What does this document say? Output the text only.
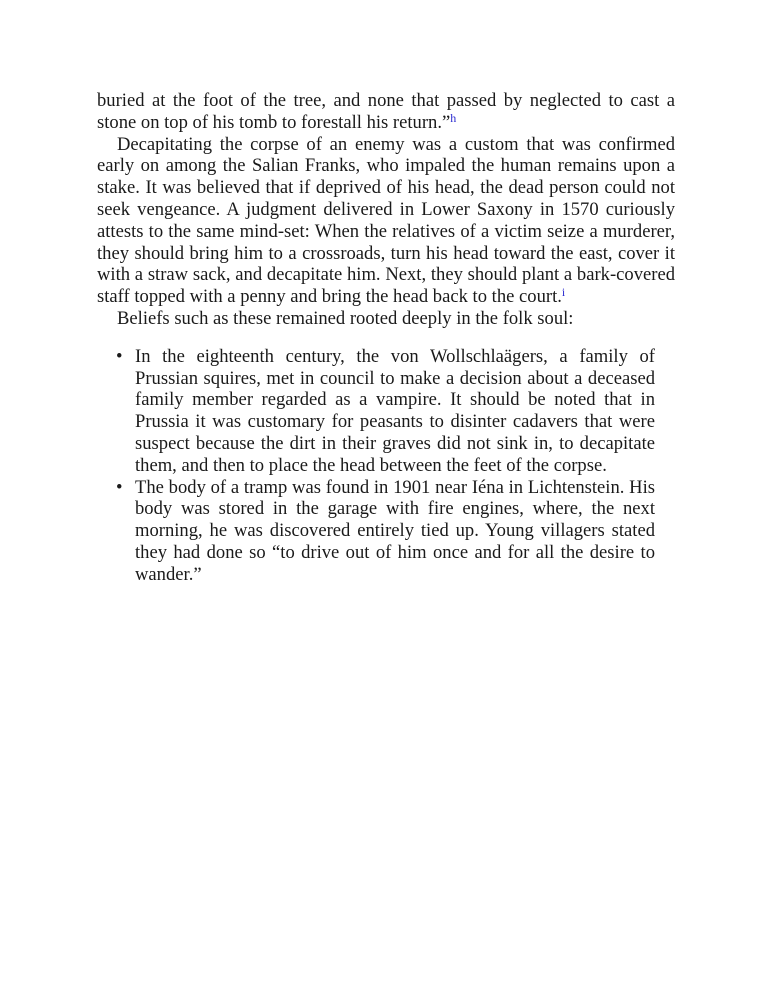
buried at the foot of the tree, and none that passed by neglected to cast a stone on top of his tomb to forestall his return.”$^h$

Decapitating the corpse of an enemy was a custom that was confirmed early on among the Salian Franks, who impaled the human remains upon a stake. It was believed that if deprived of his head, the dead person could not seek vengeance. A judgment delivered in Lower Saxony in 1570 curiously attests to the same mind-set: When the relatives of a victim seize a murderer, they should bring him to a crossroads, turn his head toward the east, cover it with a straw sack, and decapitate him. Next, they should plant a bark-covered staff topped with a penny and bring the head back to the court.$^i$

Beliefs such as these remained rooted deeply in the folk soul:

• In the eighteenth century, the von Wollschlaägers, a family of Prussian squires, met in council to make a decision about a deceased family member regarded as a vampire. It should be noted that in Prussia it was customary for peasants to disinter cadavers that were suspect because the dirt in their graves did not sink in, to decapitate them, and then to place the head between the feet of the corpse.
• The body of a tramp was found in 1901 near Iéna in Lichtenstein. His body was stored in the garage with fire engines, where, the next morning, he was discovered entirely tied up. Young villagers stated they had done so “to drive out of him once and for all the desire to wander.”
